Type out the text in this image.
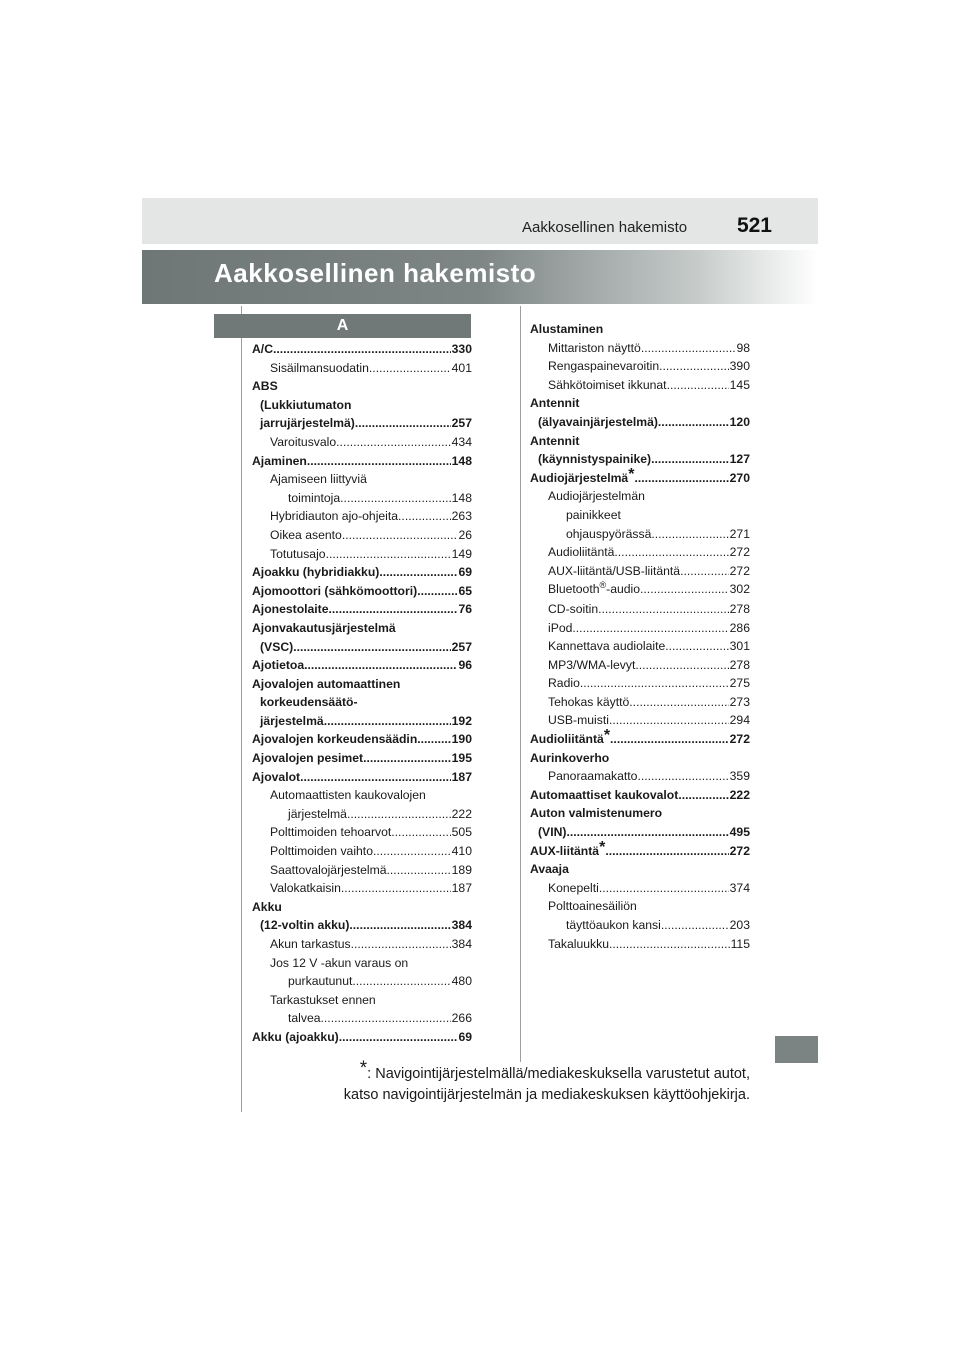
Aakkosellinen hakemisto 521
Aakkosellinen hakemisto
A
A/C .....	330
Sisäilmansuodatin .....	401
ABS
(Lukkiutumaton
jarrujärjestelmä) .....	257
Varoitusvalo .....	434
Ajaminen .....	148
Ajamiseen liittyviä
toimintoja .....	148
Hybridiauton ajo-ohjeita .....	263
Oikea asento .....	26
Totutusajo .....	149
Ajoakku (hybridiakku) .....	69
Ajomoottori (sähkömoottori) .....	65
Ajonestolaite .....	76
Ajonvakautusjärjestelmä
(VSC) .....	257
Ajotietoa .....	96
Ajovalojen automaattinen
korkeudensäätö-
järjestelmä .....	192
Ajovalojen korkeudensäädin .....	190
Ajovalojen pesimet .....	195
Ajovalot .....	187
Automaattisten kaukovalojen
järjestelmä .....	222
Polttimoiden tehoarvot .....	505
Polttimoiden vaihto .....	410
Saattovalojärjestelmä .....	189
Valokatkaisin .....	187
Akku
(12-voltin akku) .....	384
Akun tarkastus .....	384
Jos 12 V -akun varaus on
purkautunut .....	480
Tarkastukset ennen
talvea .....	266
Akku (ajoakku) .....	69
Alustaminen
Mittariston näyttö .....	98
Rengaspainevaroitin .....	390
Sähkötoimiset ikkunat .....	145
Antennit
(älyavainjärjestelmä) .....	120
Antennit
(käynnistyspainike) .....	127
Audiojärjestelmä* .....	270
Audiojärjestelmän
painikkeet
ohjauspyörässä .....	271
Audioliitäntä .....	272
AUX-liitäntä/USB-liitäntä .....	272
Bluetooth®-audio .....	302
CD-soitin .....	278
iPod .....	286
Kannettava audiolaite .....	301
MP3/WMA-levyt .....	278
Radio .....	275
Tehokas käyttö .....	273
USB-muisti .....	294
Audioliitäntä* .....	272
Aurinkoverho
Panoraamakatto .....	359
Automaattiset kaukovalot .....	222
Auton valmistenumero
(VIN) .....	495
AUX-liitäntä* .....	272
Avaaja
Konepelti .....	374
Polttoainesäiliön
täyttöaukon kansi .....	203
Takaluukku .....	115
*: Navigointijärjestelmällä/mediakeskuksella varustetut autot,
katso navigointijärjestelmän ja mediakeskuksen käyttöohjekirja.
